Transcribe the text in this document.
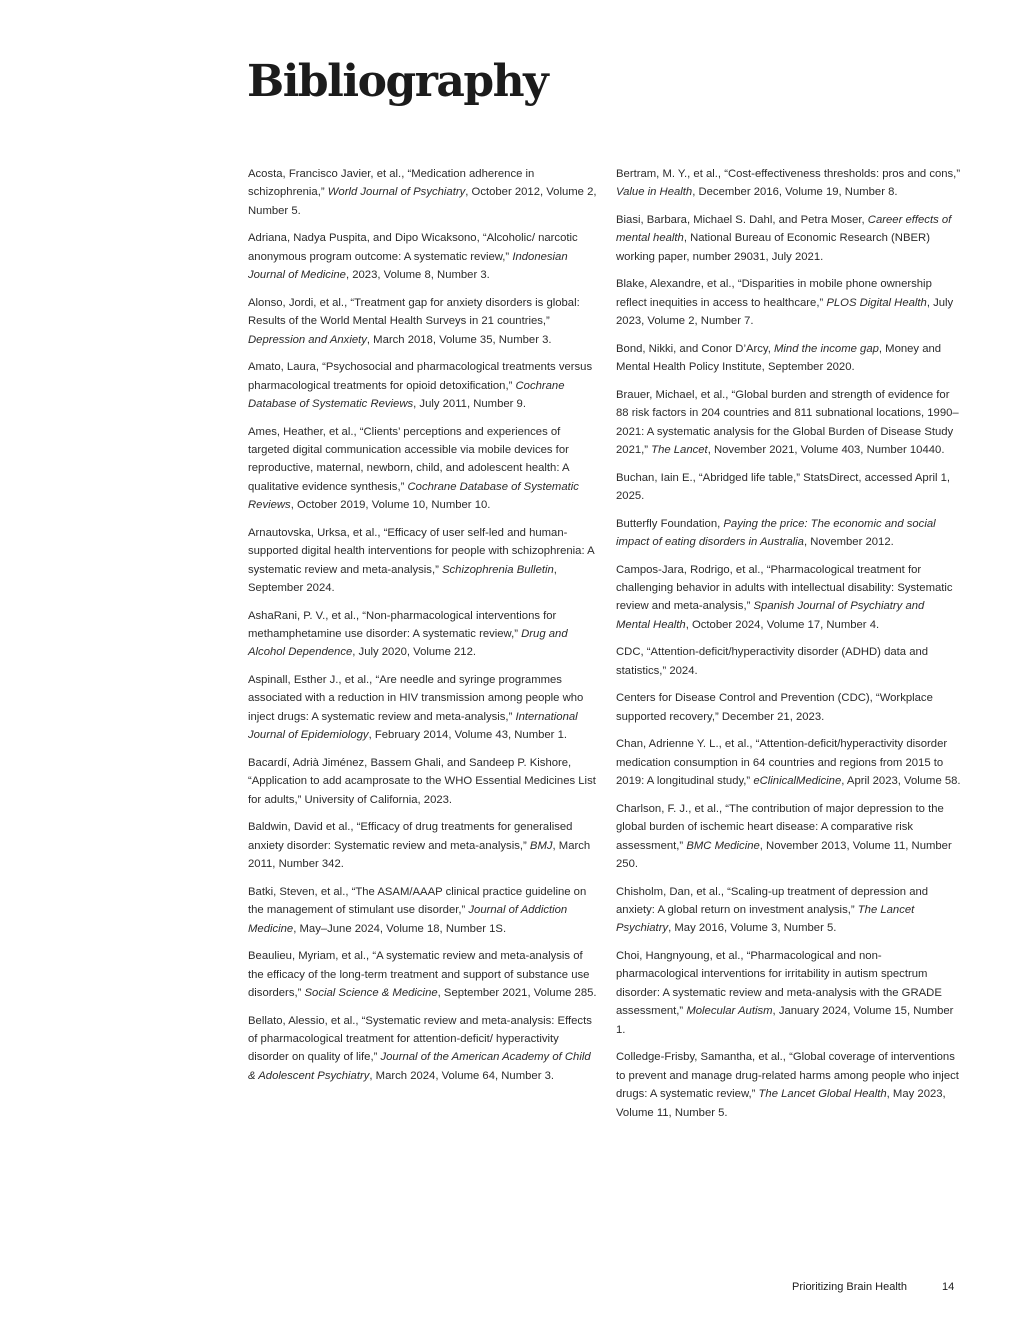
Bibliography

Acosta, Francisco Javier, et al., “Medication adherence in schizophrenia,” World Journal of Psychiatry, October 2012, Volume 2, Number 5.

Adriana, Nadya Puspita, and Dipo Wicaksono, “Alcoholic/ narcotic anonymous program outcome: A systematic review,” Indonesian Journal of Medicine, 2023, Volume 8, Number 3.

Alonso, Jordi, et al., “Treatment gap for anxiety disorders is global: Results of the World Mental Health Surveys in 21 countries,” Depression and Anxiety, March 2018, Volume 35, Number 3.

Amato, Laura, “Psychosocial and pharmacological treatments versus pharmacological treatments for opioid detoxification,” Cochrane Database of Systematic Reviews, July 2011, Number 9.

Ames, Heather, et al., “Clients’ perceptions and experiences of targeted digital communication accessible via mobile devices for reproductive, maternal, newborn, child, and adolescent health: A qualitative evidence synthesis,” Cochrane Database of Systematic Reviews, October 2019, Volume 10, Number 10.

Arnautovska, Urksa, et al., “Efficacy of user self-led and human-supported digital health interventions for people with schizophrenia: A systematic review and meta-analysis,” Schizophrenia Bulletin, September 2024.

AshaRani, P. V., et al., “Non-pharmacological interventions for methamphetamine use disorder: A systematic review,” Drug and Alcohol Dependence, July 2020, Volume 212.

Aspinall, Esther J., et al., “Are needle and syringe programmes associated with a reduction in HIV transmission among people who inject drugs: A systematic review and meta-analysis,” International Journal of Epidemiology, February 2014, Volume 43, Number 1.

Bacardí, Adrià Jiménez, Bassem Ghali, and Sandeep P. Kishore, “Application to add acamprosate to the WHO Essential Medicines List for adults,” University of California, 2023.

Baldwin, David et al., “Efficacy of drug treatments for generalised anxiety disorder: Systematic review and meta-analysis,” BMJ, March 2011, Number 342.

Batki, Steven, et al., “The ASAM/AAAP clinical practice guideline on the management of stimulant use disorder,” Journal of Addiction Medicine, May–June 2024, Volume 18, Number 1S.

Beaulieu, Myriam, et al., “A systematic review and meta-analysis of the efficacy of the long-term treatment and support of substance use disorders,” Social Science & Medicine, September 2021, Volume 285.

Bellato, Alessio, et al., “Systematic review and meta-analysis: Effects of pharmacological treatment for attention-deficit/ hyperactivity disorder on quality of life,” Journal of the American Academy of Child & Adolescent Psychiatry, March 2024, Volume 64, Number 3.

Bertram, M. Y., et al., “Cost-effectiveness thresholds: pros and cons,” Value in Health, December 2016, Volume 19, Number 8.

Biasi, Barbara, Michael S. Dahl, and Petra Moser, Career effects of mental health, National Bureau of Economic Research (NBER) working paper, number 29031, July 2021.

Blake, Alexandre, et al., “Disparities in mobile phone ownership reflect inequities in access to healthcare,” PLOS Digital Health, July 2023, Volume 2, Number 7.

Bond, Nikki, and Conor D’Arcy, Mind the income gap, Money and Mental Health Policy Institute, September 2020.

Brauer, Michael, et al., “Global burden and strength of evidence for 88 risk factors in 204 countries and 811 subnational locations, 1990–2021: A systematic analysis for the Global Burden of Disease Study 2021,” The Lancet, November 2021, Volume 403, Number 10440.

Buchan, Iain E., “Abridged life table,” StatsDirect, accessed April 1, 2025.

Butterfly Foundation, Paying the price: The economic and social impact of eating disorders in Australia, November 2012.

Campos-Jara, Rodrigo, et al., “Pharmacological treatment for challenging behavior in adults with intellectual disability: Systematic review and meta-analysis,” Spanish Journal of Psychiatry and Mental Health, October 2024, Volume 17, Number 4.

CDC, “Attention-deficit/hyperactivity disorder (ADHD) data and statistics,” 2024.

Centers for Disease Control and Prevention (CDC), “Workplace supported recovery,” December 21, 2023.

Chan, Adrienne Y. L., et al., “Attention-deficit/hyperactivity disorder medication consumption in 64 countries and regions from 2015 to 2019: A longitudinal study,” eClinicalMedicine, April 2023, Volume 58.

Charlson, F. J., et al., “The contribution of major depression to the global burden of ischemic heart disease: A comparative risk assessment,” BMC Medicine, November 2013, Volume 11, Number 250.

Chisholm, Dan, et al., “Scaling-up treatment of depression and anxiety: A global return on investment analysis,” The Lancet Psychiatry, May 2016, Volume 3, Number 5.

Choi, Hangnyoung, et al., “Pharmacological and non-pharmacological interventions for irritability in autism spectrum disorder: A systematic review and meta-analysis with the GRADE assessment,” Molecular Autism, January 2024, Volume 15, Number 1.

Colledge-Frisby, Samantha, et al., “Global coverage of interventions to prevent and manage drug-related harms among people who inject drugs: A systematic review,” The Lancet Global Health, May 2023, Volume 11, Number 5.

Prioritizing Brain Health	14
